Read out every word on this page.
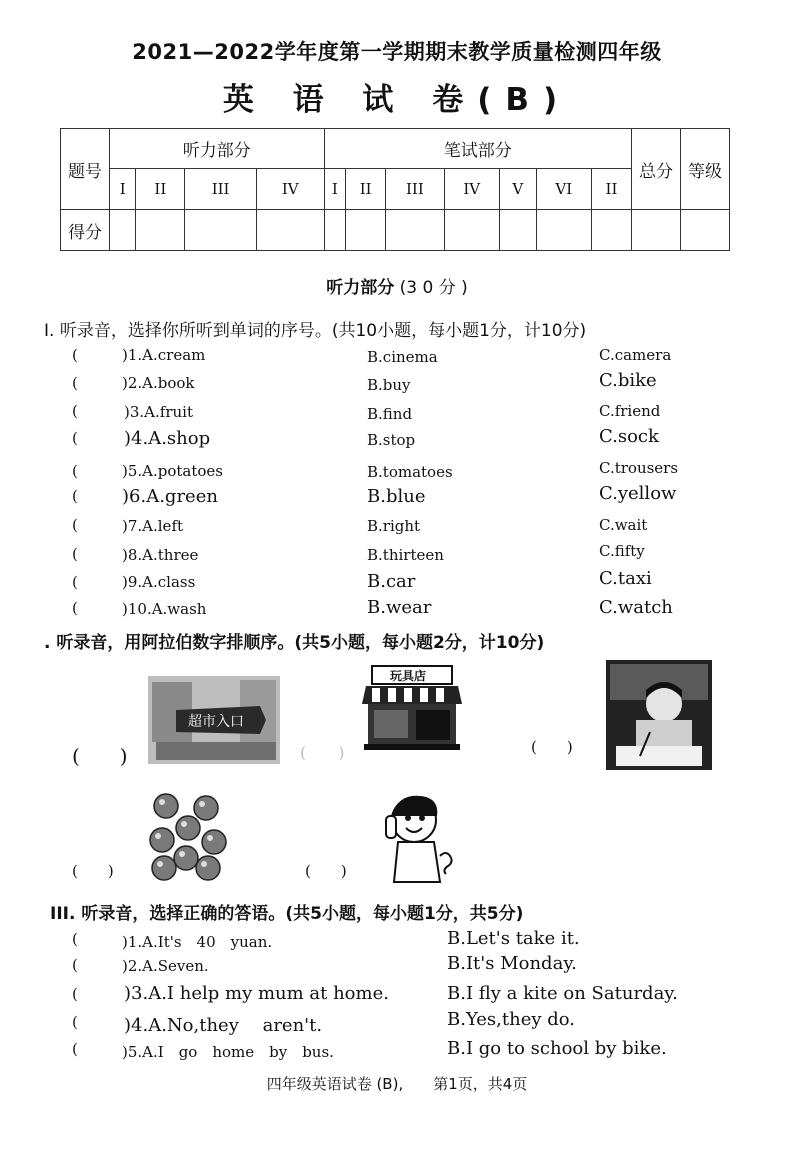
2021—2022学年度第一学期期末教学质量检测四年级
英 语 试 卷(B)
题号	听力部分				笔试部分							总分	等级
	I	II	III	IV	I	II	III	IV	V	VI	II		
得分													
听力部分 (3 0 分 )
I. 听录音，选择你所听到单词的序号。(共10小题，每小题1分，计10分)
(	)1.A.cream	B.cinema	C.camera
(	)2.A.book	B.buy	C.bike
(	)3.A.fruit	B.find	C.friend
(	)4.A.shop	B.stop	C.sock
(	)5.A.potatoes	B.tomatoes	C.trousers
( )6.A.green	B.blue	C.yellow
(	)7.A.left	B.right	C.wait
(	)8.A.three	B.thirteen	C.fifty
(	)9.A.class	B.car	C.taxi
(	)10.A.wash	B.wear	C.watch
. 听录音，用阿拉伯数字排顺序。(共5小题，每小题2分，计10分)
(　　)
超市入口
(　　)
玩具店
(　　)
(　　)	(　　)
III. 听录音，选择正确的答语。(共5小题，每小题1分，共5分)
(	)1.A.It's　40　yuan.	B.Let's take it.
(	)2.A.Seven.	B.It's Monday.
(	)3.A.I help my mum at home.	B.I fly a kite on Saturday.
(	)4.A.No,they　 aren't.	B.Yes,they do.
(	)5.A.I　go　home　by　bus.	B.I go to school by bike.
四年级英语试卷 (B),　　第1页，共4页
